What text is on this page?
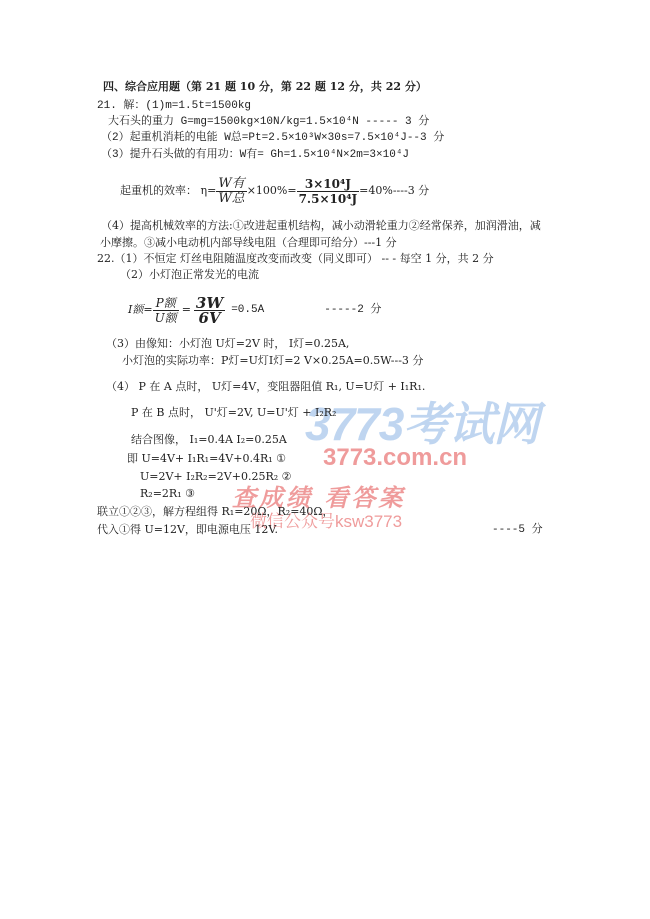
3773考试网
3773.com.cn
查成绩 看答案
微信公众号ksw3773
四、综合应用题（第 21 题 10 分，第 22 题 12 分，共 22 分）
21. 解：(1)m=1.5t=1500kg
大石头的重力 G=mg=1500kg×10N/kg=1.5×10⁴N ----- 3 分
（2）起重机消耗的电能 W总=Pt=2.5×10³W×30s=7.5×10⁴J--3 分
（3）提升石头做的有用功：W有= Gh=1.5×10⁴N×2m=3×10⁴J
起重机的效率： $\eta= \frac{\text{W有}}{\text{W总}} \times 100\%= \frac{\text{3×10⁴J}}{\text{7.5×10⁴J}} =40\%----3$ 分
（4）提高机械效率的方法:①改进起重机结构，减小动滑轮重力②经常保养，加润滑油，减
小摩擦。③减小电动机内部导线电阻（合理即可给分）---1 分
22.（1）不恒定 灯丝电阻随温度改变而改变（同义即可） -- - 每空 1 分，共 2 分
（2）小灯泡正常发光的电流
I额= $\frac{\text{P额}}{\text{U额}} = \frac{3W}{6V} =0.5A$	-----2 分
（3）由像知：小灯泡 U灯=2V 时， I灯=0.25A,
小灯泡的实际功率：P灯=U灯I灯=2 V×0.25A=0.5W---3 分
（4） P 在 A 点时， U灯=4V，变阻器阻值 R₁, U=U灯 + I₁R₁.
P 在 B 点时， U'灯=2V, U=U'灯 + I₂R₂
结合图像， I₁=0.4A I₂=0.25A
即 U=4V+ I₁R₁=4V+0.4R₁ ①
U=2V+ I₂R₂=2V+0.25R₂ ②
R₂=2R₁ ③
联立①②③，解方程组得 R₁=20Ω，R₂=40Ω，
代入①得 U=12V，即电源电压 12V.	----5 分
